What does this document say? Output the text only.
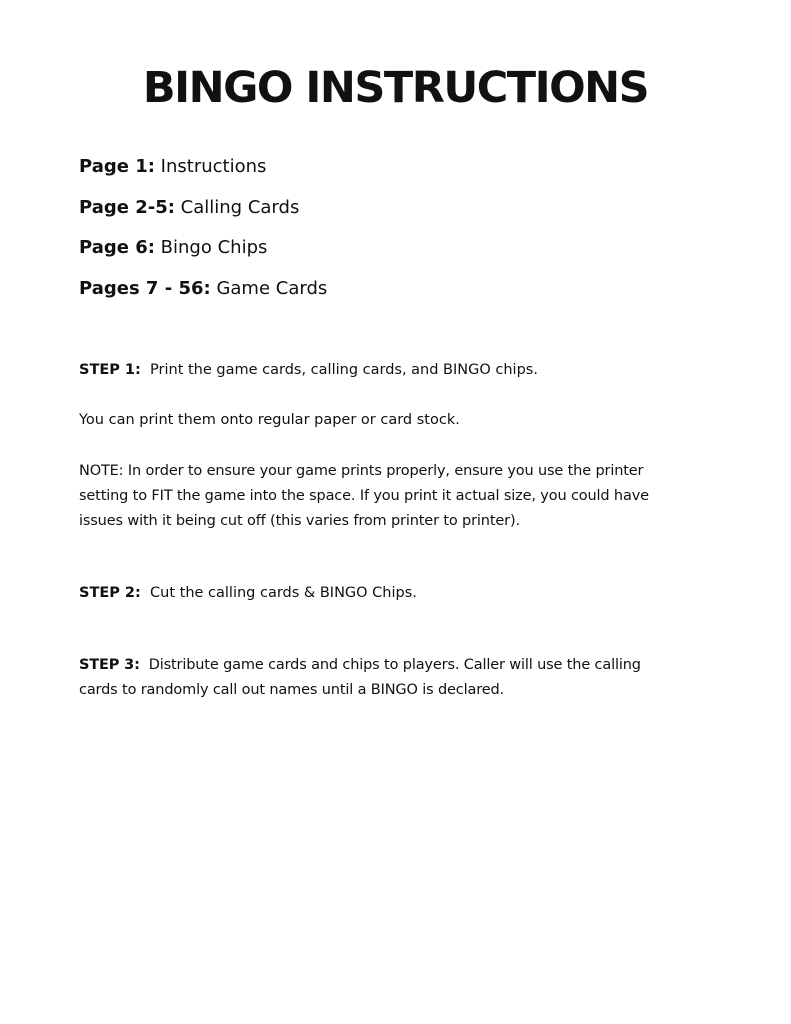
BINGO INSTRUCTIONS

Page 1: Instructions

Page 2-5: Calling Cards

Page 6: Bingo Chips

Pages 7 - 56: Game Cards

STEP 1: Print the game cards, calling cards, and BINGO chips.

You can print them onto regular paper or card stock.

NOTE: In order to ensure your game prints properly, ensure you use the printer
setting to FIT the game into the space. If you print it actual size, you could have
issues with it being cut off (this varies from printer to printer).

STEP 2: Cut the calling cards & BINGO Chips.

STEP 3: Distribute game cards and chips to players. Caller will use the calling
cards to randomly call out names until a BINGO is declared.
